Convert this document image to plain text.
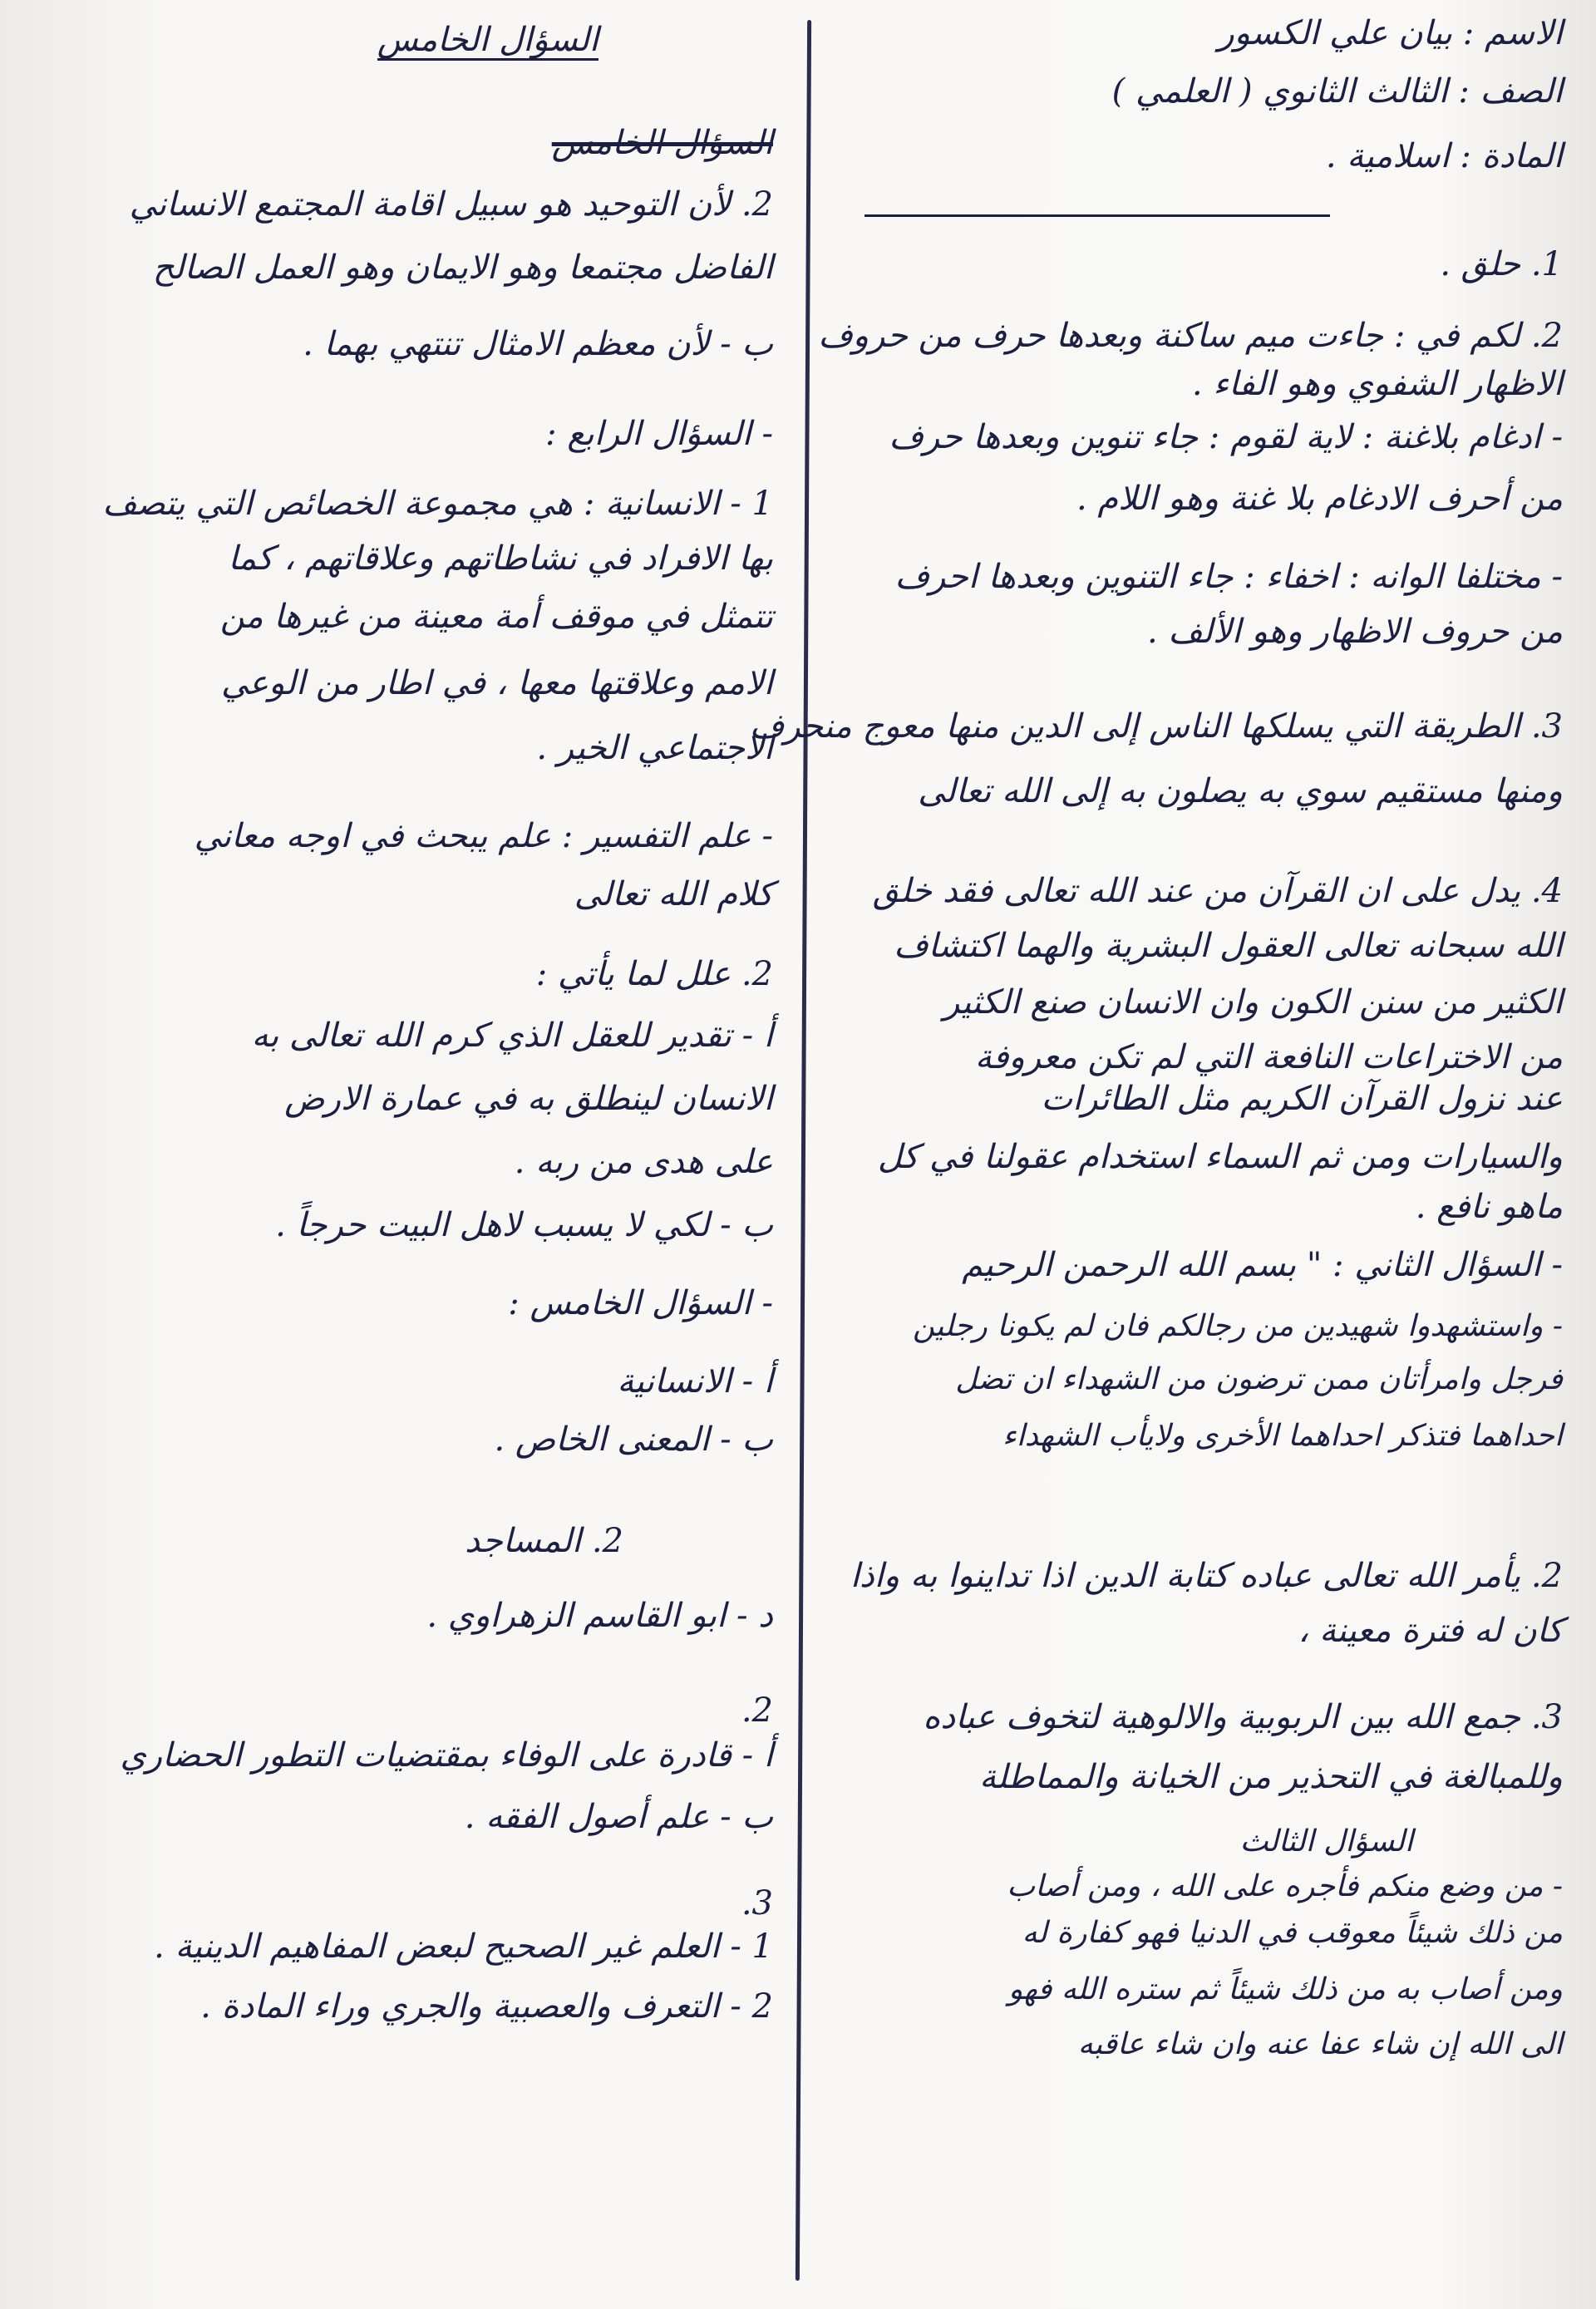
الاسم : بيان علي الكسور
الصف : الثالث الثانوي ( العلمي )
المادة : اسلامية .
1. حلق .
2. لكم في : جاءت ميم ساكنة وبعدها حرف من حروف
الاظهار الشفوي وهو الفاء .
- ادغام بلاغنة : لاية لقوم : جاء تنوين وبعدها حرف
من أحرف الادغام بلا غنة وهو اللام .
- مختلفا الوانه : اخفاء : جاء التنوين وبعدها احرف
من حروف الاظهار وهو الألف .
3. الطريقة التي يسلكها الناس إلى الدين منها معوج منحرف
ومنها مستقيم سوي به يصلون به إلى الله تعالى
4. يدل على ان القرآن من عند الله تعالى فقد خلق
الله سبحانه تعالى العقول البشرية والهما اكتشاف
الكثير من سنن الكون وان الانسان صنع الكثير
من الاختراعات النافعة التي لم تكن معروفة
عند نزول القرآن الكريم مثل الطائرات
والسيارات ومن ثم السماء استخدام عقولنا في كل
ماهو نافع .
- السؤال الثاني : " بسم الله الرحمن الرحيم
- واستشهدوا شهيدين من رجالكم فان لم يكونا رجلين
فرجل وامرأتان ممن ترضون من الشهداء ان تضل
احداهما فتذكر احداهما الأخرى ولايأب الشهداء
2. يأمر الله تعالى عباده كتابة الدين اذا تداينوا به واذا
كان له فترة معينة ،
3. جمع الله بين الربوبية والالوهية لتخوف عباده
وللمبالغة في التحذير من الخيانة والمماطلة
السؤال الثالث
- من وضع منكم فأجره على الله ، ومن أصاب
من ذلك شيئاً معوقب في الدنيا فهو كفارة له
ومن أصاب به من ذلك شيئاً ثم ستره الله فهو
الى الله إن شاء عفا عنه وان شاء عاقبه
السؤال الخامس
السؤال الخامس
2. لأن التوحيد هو سبيل اقامة المجتمع الانساني
الفاضل مجتمعا وهو الايمان وهو العمل الصالح
ب - لأن معظم الامثال تنتهي بهما .
- السؤال الرابع :
1 - الانسانية : هي مجموعة الخصائص التي يتصف
بها الافراد في نشاطاتهم وعلاقاتهم ، كما
تتمثل في موقف أمة معينة من غيرها من
الامم وعلاقتها معها ، في اطار من الوعي
الاجتماعي الخير .
- علم التفسير : علم يبحث في اوجه معاني
كلام الله تعالى
2. علل لما يأتي :
أ - تقدير للعقل الذي كرم الله تعالى به
الانسان لينطلق به في عمارة الارض
على هدى من ربه .
ب - لكي لا يسبب لاهل البيت حرجاً .
- السؤال الخامس :
أ - الانسانية
ب - المعنى الخاص .
2. المساجد
د - ابو القاسم الزهراوي .
2.
أ - قادرة على الوفاء بمقتضيات التطور الحضاري
ب - علم أصول الفقه .
3.
1 - العلم غير الصحيح لبعض المفاهيم الدينية .
2 - التعرف والعصبية والجري وراء المادة .
